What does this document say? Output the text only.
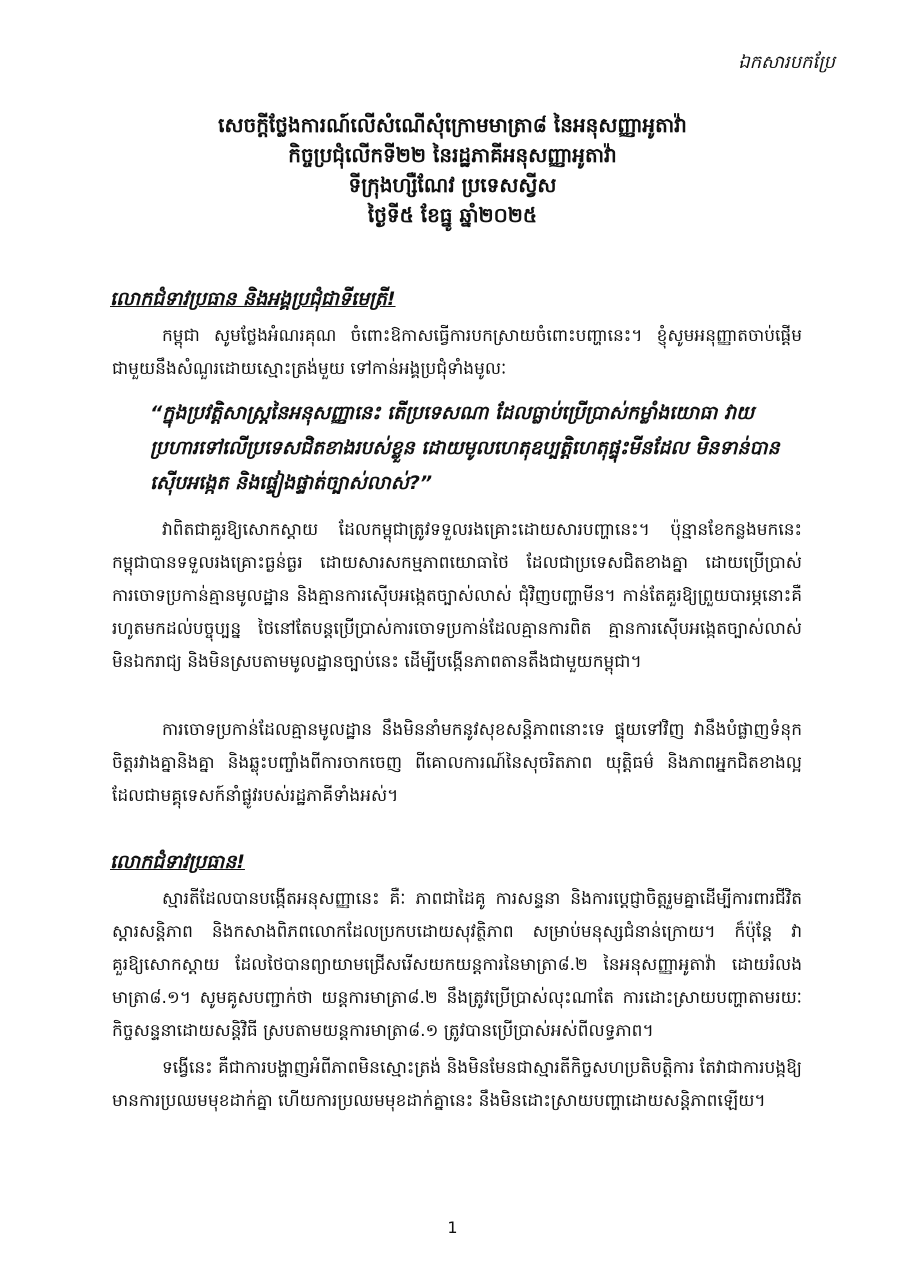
ឯកសារបកប្រែ
សេចក្តីថ្លែងការណ៍លើសំណើសុំក្រោមមាត្រា៨ នៃអនុសញ្ញាអូតាវ៉ា
កិច្ចប្រជុំលើកទី២២ នៃរដ្ឋភាគីអនុសញ្ញាអូតាវ៉ា
ទីក្រុងហ្សឺណែវ ប្រទេសស្វីស
ថ្ងៃទី៥ ខែធ្នូ ឆ្នាំ២០២៥
លោកជំទាវប្រធាន និងអង្គប្រជុំជាទីមេត្រី!
កម្ពុជា សូមថ្លែងអំណរគុណ ចំពោះឱកាសធ្វើការបកស្រាយចំពោះបញ្ហានេះ។ ខ្ញុំសូមអនុញ្ញាតចាប់ផ្តើម ជាមួយនឹងសំណួរដោយស្មោះត្រង់មួយ ទៅកាន់អង្គប្រជុំទាំងមូលៈ
“ក្នុងប្រវត្តិសាស្ត្រនៃអនុសញ្ញានេះ តើប្រទេសណា ដែលធ្លាប់ប្រើប្រាស់កម្លាំងយោធា វាយប្រហារទៅលើប្រទេសជិតខាងរបស់ខ្លួន ដោយមូលហេតុឧប្បត្តិហេតុផ្ទុះមីនដែល មិនទាន់បានស៊ើបអង្កេត និងផ្ទៀងផ្ទាត់ច្បាស់លាស់?”
វាពិតជាគួរឱ្យសោកស្តាយ ដែលកម្ពុជាត្រូវទទួលរងគ្រោះដោយសារបញ្ហានេះ។ ប៉ុន្មានខែកន្លងមកនេះ កម្ពុជាបានទទួលរងគ្រោះធ្ងន់ធ្ងរ ដោយសារសកម្មភាពយោធាថៃ ដែលជាប្រទេសជិតខាងគ្នា ដោយប្រើប្រាស់ការចោទប្រកាន់គ្មានមូលដ្ឋាន និងគ្មានការស៊ើបអង្កេតច្បាស់លាស់ ជុំវិញបញ្ហាមីន។ កាន់តែគួរឱ្យព្រួយបារម្ភនោះគឺ រហូតមកដល់បច្ចុប្បន្ន ថៃនៅតែបន្តប្រើប្រាស់ការចោទប្រកាន់ដែលគ្មានការពិត គ្មានការស៊ើបអង្កេតច្បាស់លាស់ មិនឯករាជ្យ និងមិនស្របតាមមូលដ្ឋានច្បាប់នេះ ដើម្បីបង្កើនភាពតានតឹងជាមួយកម្ពុជា។
ការចោទប្រកាន់ដែលគ្មានមូលដ្ឋាន នឹងមិននាំមកនូវសុខសន្តិភាពនោះទេ ផ្ទុយទៅវិញ វានឹងបំផ្លាញទំនុកចិត្តរវាងគ្នានិងគ្នា និងឆ្លុះបញ្ចាំងពីការចាកចេញ ពីគោលការណ៍នៃសុចរិតភាព យុត្តិធម៌ និងភាពអ្នកជិតខាងល្អ ដែលជាមគ្គុទេសក៍នាំផ្លូវរបស់រដ្ឋភាគីទាំងអស់។
លោកជំទាវប្រធាន!
ស្មារតីដែលបានបង្កើតអនុសញ្ញានេះ គឺៈ ភាពជាដៃគូ ការសន្ទនា និងការប្តេជ្ញាចិត្តរួមគ្នាដើម្បីការពារជីវិត ស្តារសន្តិភាព និងកសាងពិភពលោកដែលប្រកបដោយសុវត្ថិភាព សម្រាប់មនុស្សជំនាន់ក្រោយ។ ក៏ប៉ុន្តែ វាគួរឱ្យសោកស្តាយ ដែលថៃបានព្យាយាមជ្រើសរើសយកយន្តការនៃមាត្រា៨.២ នៃអនុសញ្ញាអូតាវ៉ា ដោយរំលងមាត្រា៨.១។ សូមគូសបញ្ជាក់ថា យន្តការមាត្រា៨.២ នឹងត្រូវប្រើប្រាស់លុះណាតែ ការដោះស្រាយបញ្ហាតាមរយៈកិច្ចសន្ទនាដោយសន្តិវិធី ស្របតាមយន្តការមាត្រា៨.១ ត្រូវបានប្រើប្រាស់អស់ពីលទ្ធភាព។
ទង្វើនេះ គឺជាការបង្ហាញអំពីភាពមិនស្មោះត្រង់ និងមិនមែនជាស្មារតីកិច្ចសហប្រតិបត្តិការ តែវាជាការបង្កឱ្យមានការប្រឈមមុខដាក់គ្នា ហើយការប្រឈមមុខដាក់គ្នានេះ នឹងមិនដោះស្រាយបញ្ហាដោយសន្តិភាពឡើយ។
1
